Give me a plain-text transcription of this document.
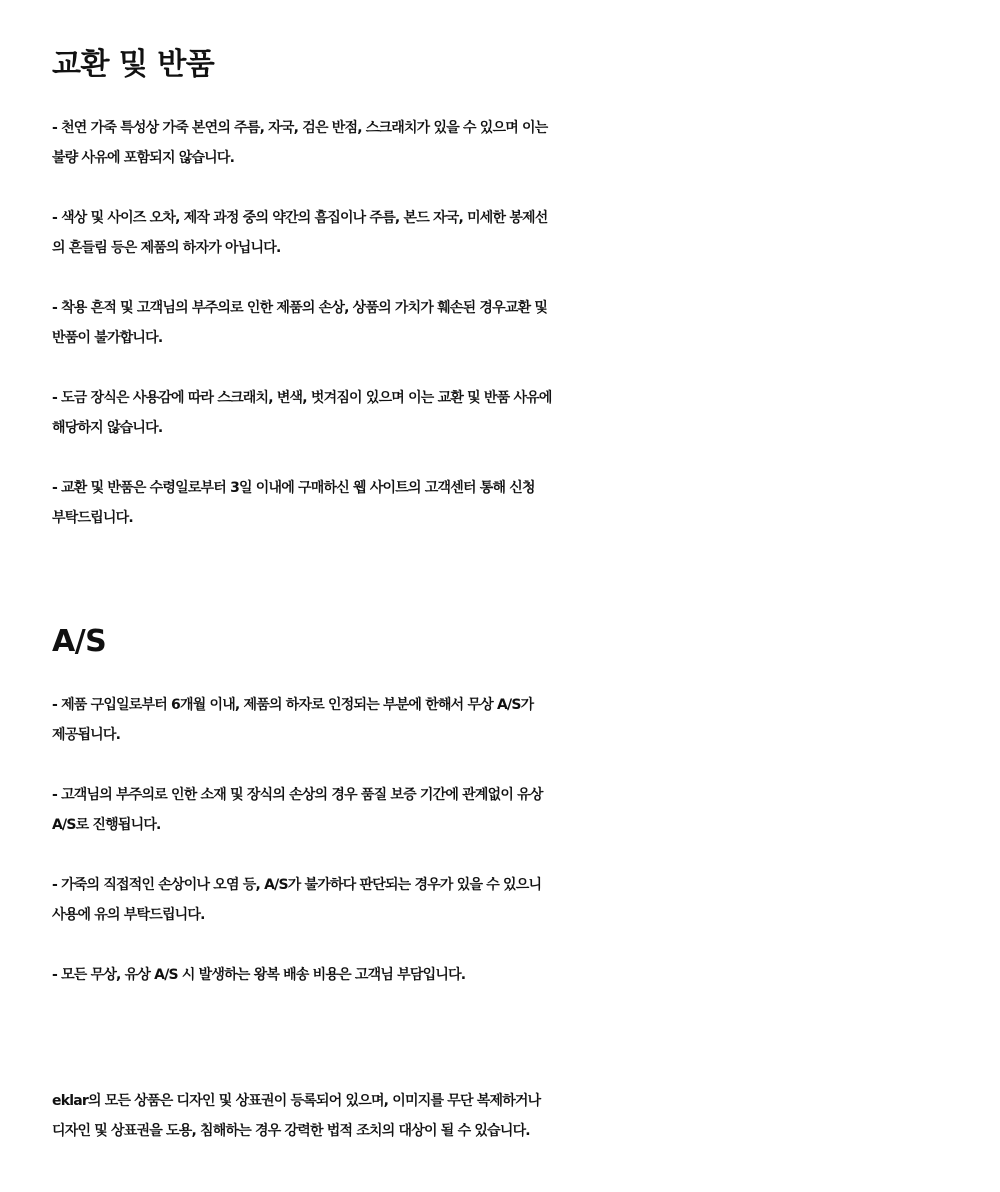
교환 및 반품

- 천연 가죽 특성상 가죽 본연의 주름, 자국, 검은 반점, 스크래치가 있을 수 있으며 이는
불량 사유에 포함되지 않습니다.

- 색상 및 사이즈 오차, 제작 과정 중의 약간의 흠집이나 주름, 본드 자국, 미세한 봉제선
의 흔들림 등은 제품의 하자가 아닙니다.

- 착용 흔적 및 고객님의 부주의로 인한 제품의 손상, 상품의 가치가 훼손된 경우교환 및
반품이 불가합니다.

- 도금 장식은 사용감에 따라 스크래치, 변색, 벗겨짐이 있으며 이는 교환 및 반품 사유에
해당하지 않습니다.

- 교환 및 반품은 수령일로부터 3일 이내에 구매하신 웹 사이트의 고객센터 통해 신청
부탁드립니다.

A/S

- 제품 구입일로부터 6개월 이내, 제품의 하자로 인정되는 부분에 한해서 무상 A/S가
제공됩니다.

- 고객님의 부주의로 인한 소재 및 장식의 손상의 경우 품질 보증 기간에 관계없이 유상
A/S로 진행됩니다.

- 가죽의 직접적인 손상이나 오염 등, A/S가 불가하다 판단되는 경우가 있을 수 있으니
사용에 유의 부탁드립니다.

- 모든 무상, 유상 A/S 시 발생하는 왕복 배송 비용은 고객님 부담입니다.

eklar의 모든 상품은 디자인 및 상표권이 등록되어 있으며, 이미지를 무단 복제하거나
디자인 및 상표권을 도용, 침해하는 경우 강력한 법적 조치의 대상이 될 수 있습니다.
